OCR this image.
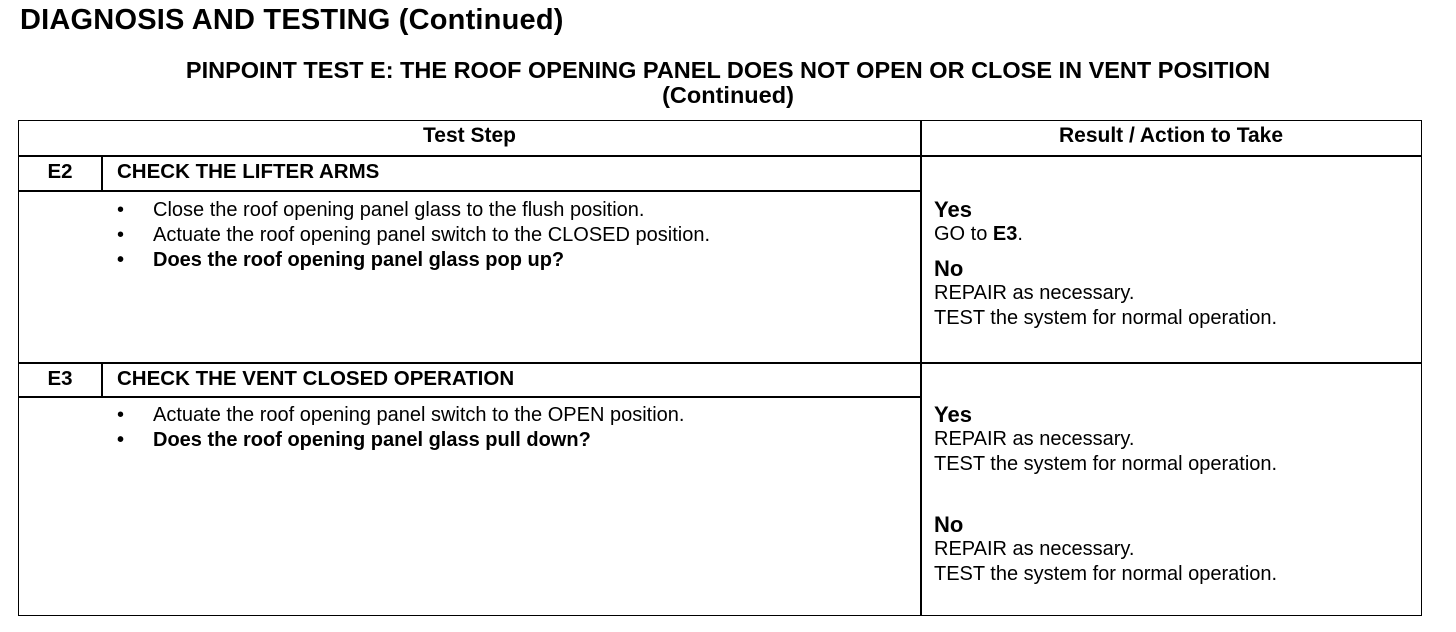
DIAGNOSIS AND TESTING (Continued)
PINPOINT TEST E: THE ROOF OPENING PANEL DOES NOT OPEN OR CLOSE IN VENT POSITION
(Continued)
Test Step	Result / Action to Take
E2	CHECK THE LIFTER ARMS
• Close the roof opening panel glass to the flush position.
• Actuate the roof opening panel switch to the CLOSED position.
• Does the roof opening panel glass pop up?
Yes
GO to E3.
No
REPAIR as necessary.
TEST the system for normal operation.
E3	CHECK THE VENT CLOSED OPERATION
• Actuate the roof opening panel switch to the OPEN position.
• Does the roof opening panel glass pull down?
Yes
REPAIR as necessary.
TEST the system for normal operation.
No
REPAIR as necessary.
TEST the system for normal operation.
